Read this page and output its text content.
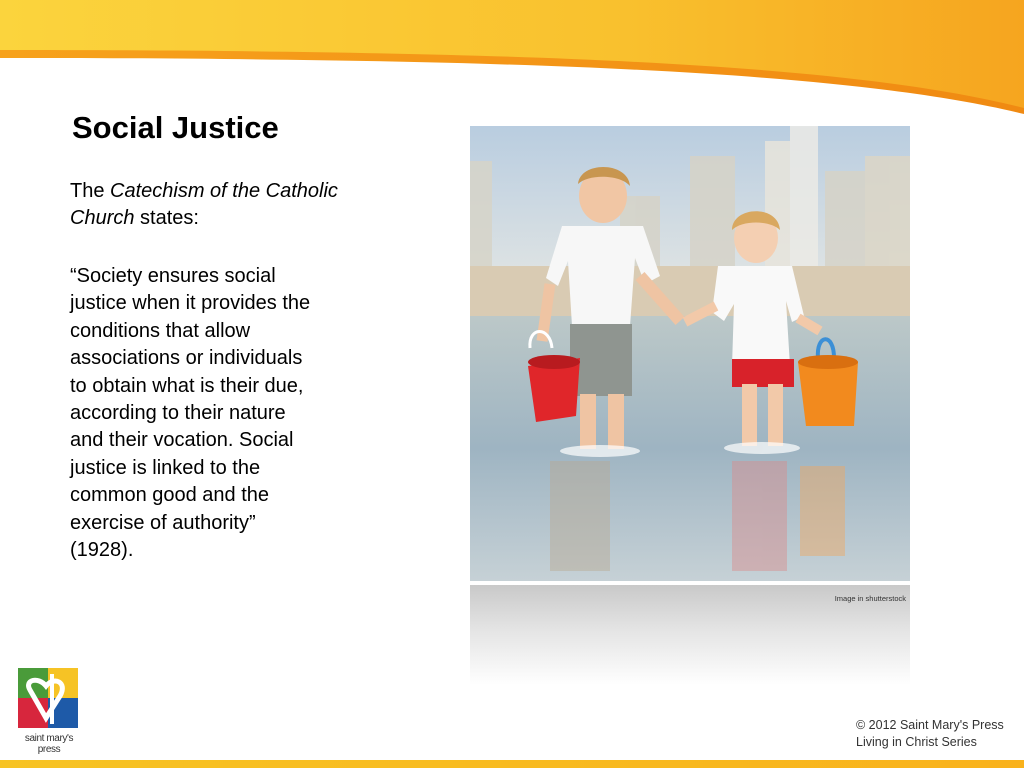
Social Justice

The Catechism of the Catholic Church states:

“Society ensures social justice when it provides the conditions that allow associations or individuals to obtain what is their due, according to their nature and their vocation. Social justice is linked to the common good and the exercise of authority” (1928).

Image in shutterstock
saint mary's press
© 2012 Saint Mary's Press
Living in Christ Series
